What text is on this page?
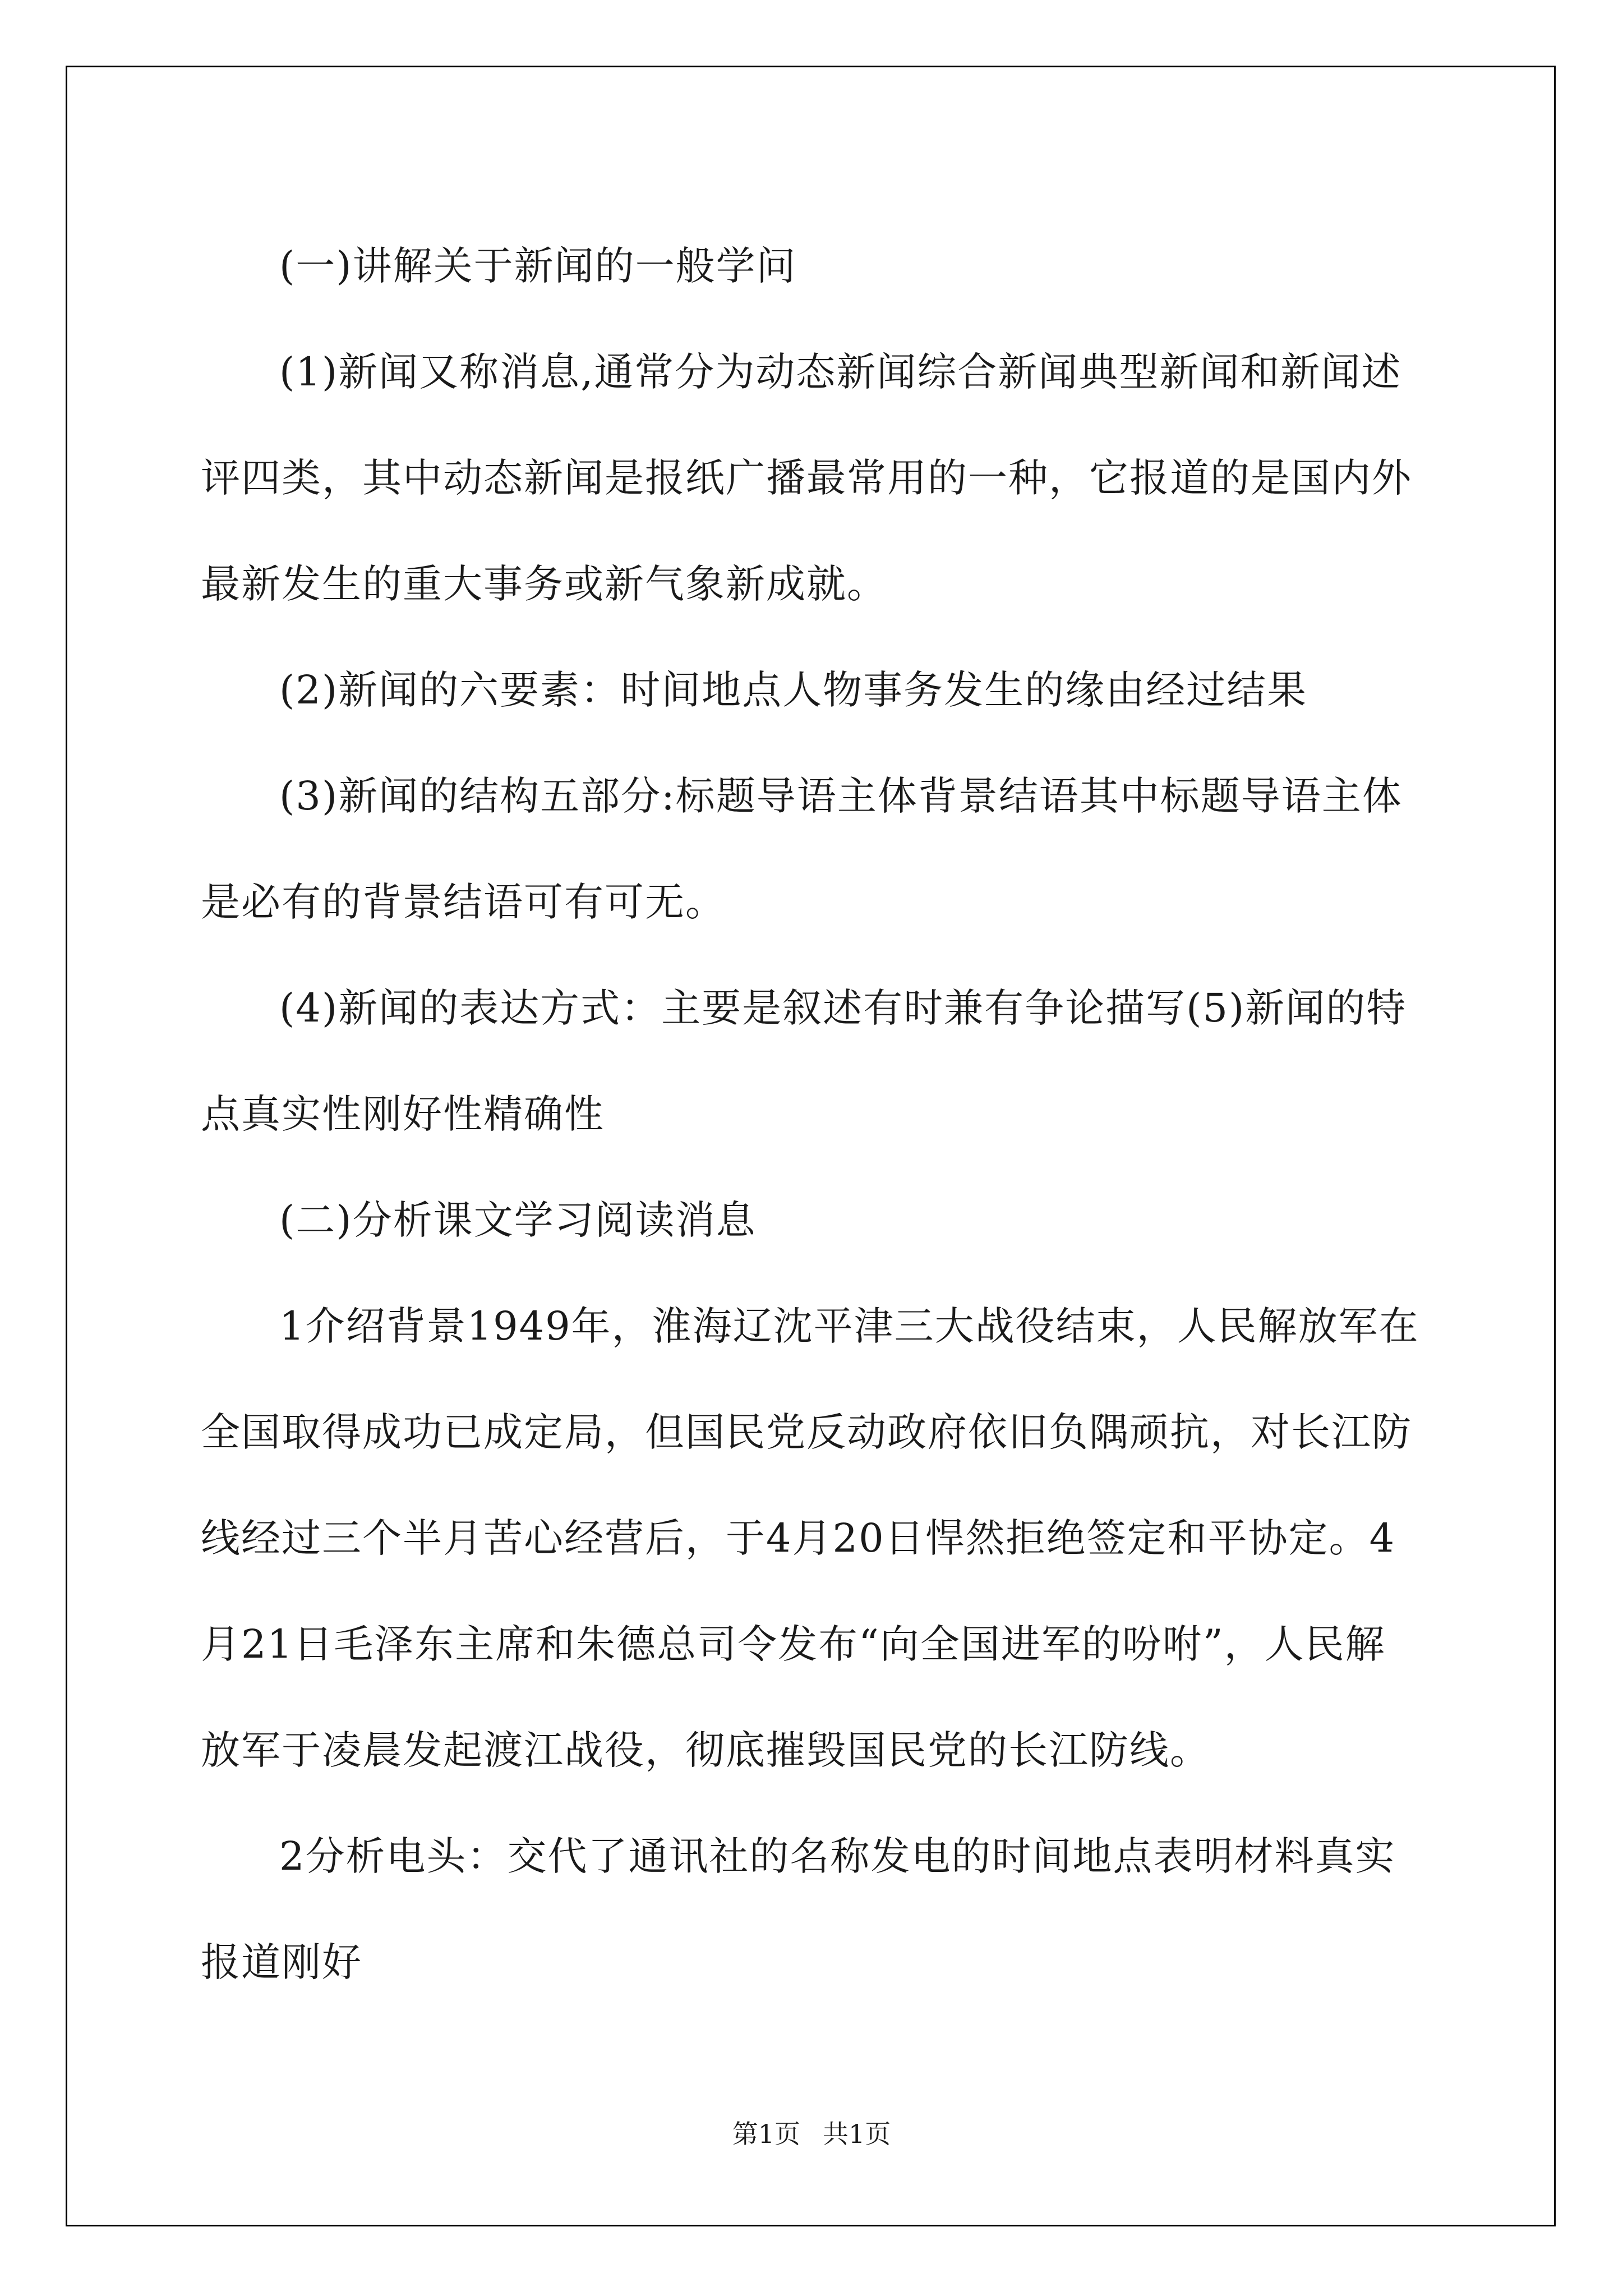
(一)讲解关于新闻的一般学问

(1)新闻又称消息,通常分为动态新闻综合新闻典型新闻和新闻述评四类，其中动态新闻是报纸广播最常用的一种，它报道的是国内外最新发生的重大事务或新气象新成就。

(2)新闻的六要素：时间地点人物事务发生的缘由经过结果

(3)新闻的结构五部分:标题导语主体背景结语其中标题导语主体是必有的背景结语可有可无。

(4)新闻的表达方式：主要是叙述有时兼有争论描写(5)新闻的特点真实性刚好性精确性

(二)分析课文学习阅读消息

1介绍背景1949年，淮海辽沈平津三大战役结束，人民解放军在全国取得成功已成定局，但国民党反动政府依旧负隅顽抗，对长江防线经过三个半月苦心经营后，于4月20日悍然拒绝签定和平协定。4月21日毛泽东主席和朱德总司令发布“向全国进军的吩咐”，人民解放军于凌晨发起渡江战役，彻底摧毁国民党的长江防线。

2分析电头：交代了通讯社的名称发电的时间地点表明材料真实报道刚好

第1页 共1页
